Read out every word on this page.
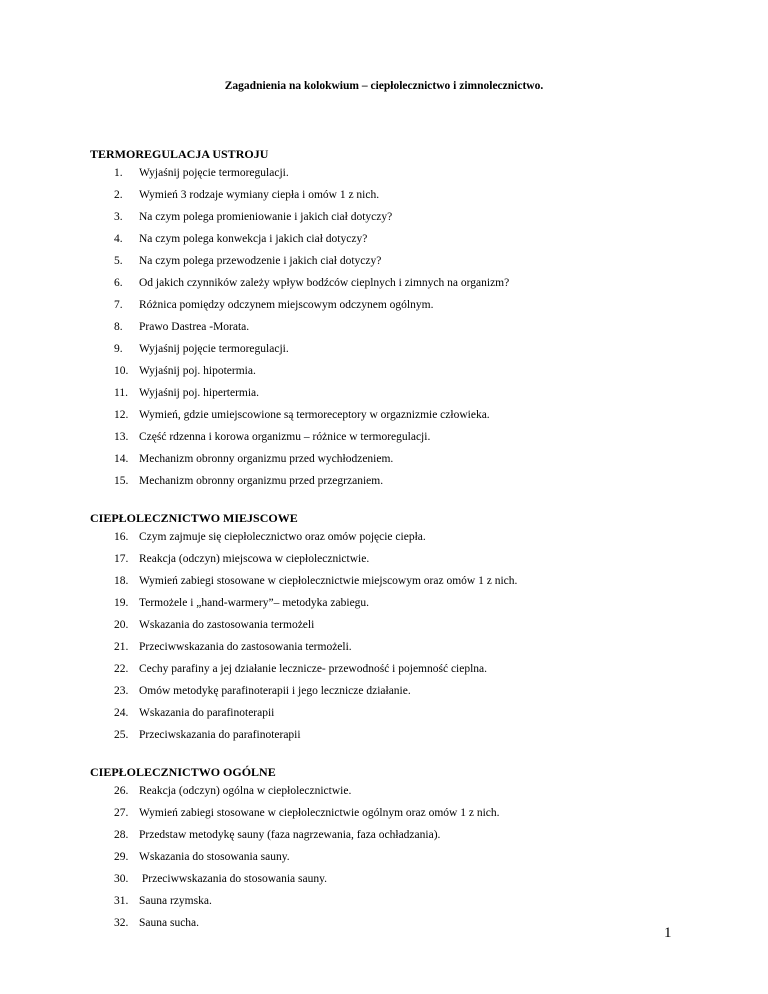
Zagadnienia na kolokwium – ciepłolecznictwo i zimnolecznictwo.
TERMOREGULACJA USTROJU
1. Wyjaśnij pojęcie termoregulacji.
2. Wymień 3 rodzaje wymiany ciepła i omów 1 z nich.
3. Na czym polega promieniowanie i jakich ciał dotyczy?
4. Na czym polega konwekcja i jakich ciał dotyczy?
5. Na czym polega przewodzenie i jakich ciał dotyczy?
6. Od jakich czynników zależy wpływ bodźców cieplnych i zimnych na organizm?
7. Różnica pomiędzy odczynem miejscowym odczynem ogólnym.
8. Prawo Dastrea -Morata.
9. Wyjaśnij pojęcie termoregulacji.
10. Wyjaśnij poj. hipotermia.
11. Wyjaśnij poj. hipertermia.
12. Wymień, gdzie umiejscowione są termoreceptory w orgaznizmie człowieka.
13. Część rdzenna i korowa organizmu – różnice w termoregulacji.
14. Mechanizm obronny organizmu przed wychłodzeniem.
15. Mechanizm obronny organizmu przed przegrzaniem.
CIEPŁOLECZNICTWO MIEJSCOWE
16. Czym zajmuje się ciepłolecznictwo oraz omów pojęcie ciepła.
17. Reakcja (odczyn) miejscowa w ciepłolecznictwie.
18. Wymień zabiegi stosowane w ciepłolecznictwie miejscowym oraz omów 1 z nich.
19. Termożele i „hand-warmery”– metodyka zabiegu.
20. Wskazania do zastosowania termożeli
21. Przeciwwskazania do zastosowania termożeli.
22. Cechy parafiny a jej działanie lecznicze- przewodność i pojemność cieplna.
23. Omów metodykę parafinoterapii i jego lecznicze działanie.
24. Wskazania do parafinoterapii
25. Przeciwskazania do parafinoterapii
CIEPŁOLECZNICTWO OGÓLNE
26. Reakcja (odczyn) ogólna w ciepłolecznictwie.
27. Wymień zabiegi stosowane w ciepłolecznictwie ogólnym oraz omów 1 z nich.
28. Przedstaw metodykę sauny (faza nagrzewania, faza ochładzania).
29. Wskazania do stosowania sauny.
30. Przeciwwskazania do stosowania sauny.
31. Sauna rzymska.
32. Sauna sucha.
1
